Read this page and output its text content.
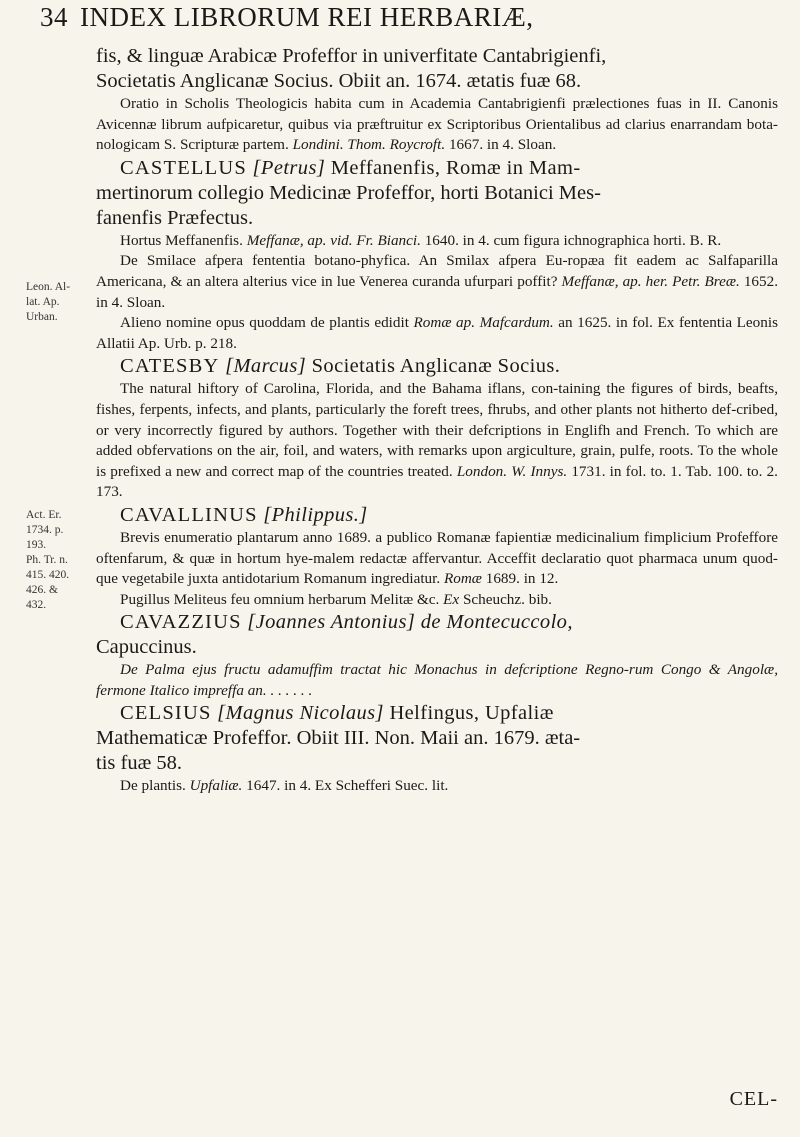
34 INDEX LIBRORUM REI HERBARIÆ,
Leon. Al-
lat. Ap.
Urban.
Act. Er.
1734. p.
193.
Ph. Tr. n.
415. 420.
426. &
432.

fis, & linguæ Arabicæ Profeffor in univerfitate Cantabrigienfi,

Societatis Anglicanæ Socius. Obiit an. 1674. ætatis fuæ 68.

Oratio in Scholis Theologicis habita cum in Academia Cantabrigienfi prælectiones fuas in II. Canonis Avicennæ librum aufpicaretur, quibus via præftruitur ex Scriptoribus Orientalibus ad clarius enarrandam bota-nologicam S. Scripturæ partem. Londini. Thom. Roycroft. 1667. in 4. Sloan.

CASTELLUS [Petrus] Meffanenfis, Romæ in Mam-

mertinorum collegio Medicinæ Profeffor, horti Botanici Mes-

fanenfis Præfectus.

Hortus Meffanenfis. Meffanæ, ap. vid. Fr. Bianci. 1640. in 4. cum figura ichnographica horti. B. R.

De Smilace afpera fententia botano-phyfica. An Smilax afpera Eu-ropæa fit eadem ac Salfaparilla Americana, & an altera alterius vice in lue Venerea curanda ufurpari poffit? Meffanæ, ap. her. Petr. Breæ. 1652. in 4. Sloan.

Alieno nomine opus quoddam de plantis edidit Romæ ap. Mafcardum. an 1625. in fol. Ex fententia Leonis Allatii Ap. Urb. p. 218.

CATESBY [Marcus] Societatis Anglicanæ Socius.

The natural hiftory of Carolina, Florida, and the Bahama iflans, con-taining the figures of birds, beafts, fishes, ferpents, infects, and plants, particularly the foreft trees, fhrubs, and other plants not hitherto def-cribed, or very incorrectly figured by authors. Together with their defcriptions in Englifh and French. To which are added obfervations on the air, foil, and waters, with remarks upon argiculture, grain, pulfe, roots. To the whole is prefixed a new and correct map of the countries treated. London. W. Innys. 1731. in fol. to. 1. Tab. 100. to. 2. 173.

CAVALLINUS [Philippus.]

Brevis enumeratio plantarum anno 1689. a publico Romanæ fapientiæ medicinalium fimplicium Profeffore oftenfarum, & quæ in hortum hye-malem redactæ affervantur. Acceffit declaratio quot pharmaca unum quod-que vegetabile juxta antidotarium Romanum ingrediatur. Romæ 1689. in 12.

Pugillus Meliteus feu omnium herbarum Melitæ &c. Ex Scheuchz. bib.

CAVAZZIUS [Joannes Antonius] de Montecuccolo,

Capuccinus.

De Palma ejus fructu adamuffim tractat hic Monachus in defcriptione Regno-rum Congo & Angolæ, fermone Italico impreffa an. . . . . . .

CELSIUS [Magnus Nicolaus] Helfingus, Upfaliæ

Mathematicæ Profeffor. Obiit III. Non. Maii an. 1679. æta-

tis fuæ 58.

De plantis. Upfaliæ. 1647. in 4. Ex Schefferi Suec. lit.

CEL-
